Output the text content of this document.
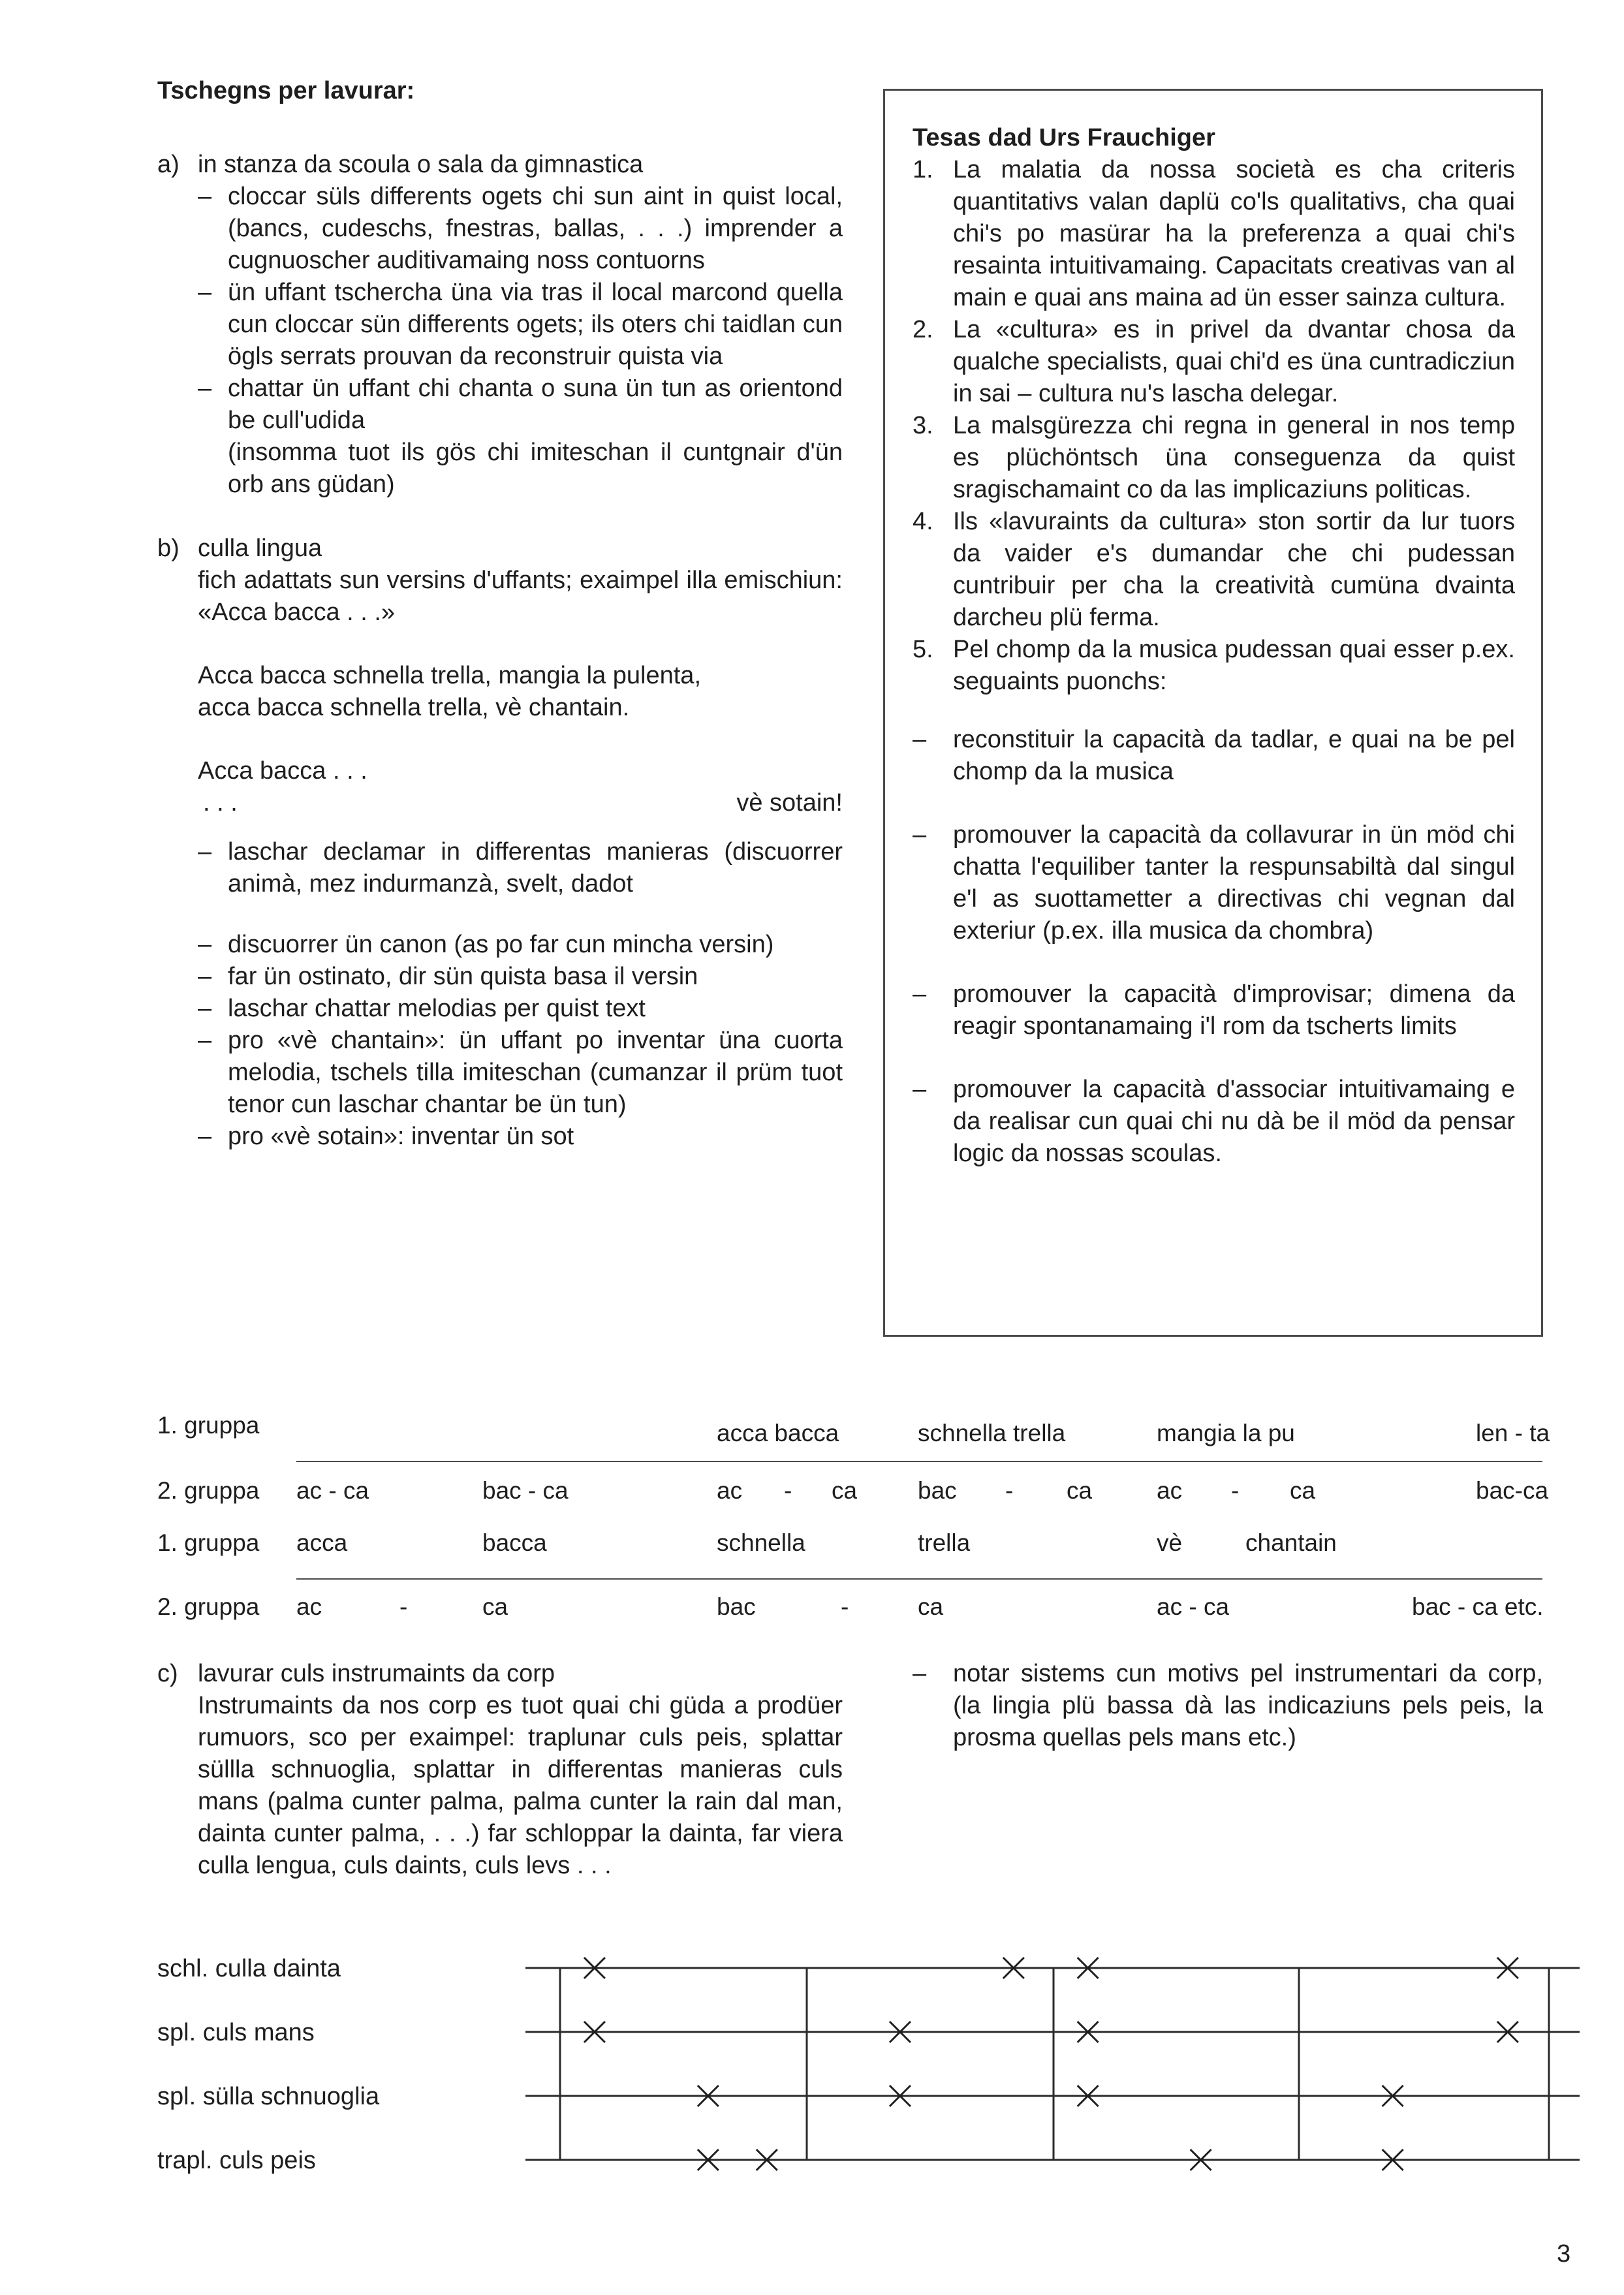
Tschegns per lavurar:
a) in stanza da scoula o sala da gimnastica
– cloccar süls differents ogets chi sun aint in quist local, (bancs, cudeschs, fnestras, ballas, . . .) imprender a cugnuoscher auditivamaing noss contuorns
– ün uffant tschercha üna via tras il local marcond quella cun cloccar sün differents ogets; ils oters chi taidlan cun ögls serrats prouvan da reconstruir quista via
– chattar ün uffant chi chanta o suna ün tun as orientond be cull'udida
(insomma tuot ils gös chi imiteschan il cuntgnair d'ün orb ans güdan)
b) culla lingua
fich adattats sun versins d'uffants; exaimpel illa emischiun: «Acca bacca . . .»
Acca bacca schnella trella, mangia la pulenta,
acca bacca schnella trella, vè chantain.
Acca bacca . . .
. . .	vè sotain!
– laschar declamar in differentas manieras (discuorrer animà, mez indurmanzà, svelt, dadot
– discuorrer ün canon (as po far cun mincha versin)
– far ün ostinato, dir sün quista basa il versin
– laschar chattar melodias per quist text
– pro «vè chantain»: ün uffant po inventar üna cuorta melodia, tschels tilla imiteschan (cumanzar il prüm tuot tenor cun laschar chantar be ün tun)
– pro «vè sotain»: inventar ün sot
Tesas dad Urs Frauchiger
1. La malatia da nossa società es cha criteris quantitativs valan daplü co'ls qualitativs, cha quai chi's po masürar ha la preferenza a quai chi's resainta intuitivamaing. Capacitats creativas van al main e quai ans maina ad ün esser sainza cultura.
2. La «cultura» es in privel da dvantar chosa da qualche specialists, quai chi'd es üna cuntradicziun in sai – cultura nu's lascha delegar.
3. La malsgürezza chi regna in general in nos temp es plüchöntsch üna conseguenza da quist sragischamaint co da las implicaziuns politicas.
4. Ils «lavuraints da cultura» ston sortir da lur tuors da vaider e's dumandar che chi pudessan cuntribuir per cha la creatività cumüna dvainta darcheu plü ferma.
5. Pel chomp da la musica pudessan quai esser p.ex. seguaints puonchs:
– reconstituir la capacità da tadlar, e quai na be pel chomp da la musica
– promouver la capacità da collavurar in ün möd chi chatta l'equiliber tanter la respunsabiltà dal singul e'l as suottametter a directivas chi vegnan dal exteriur (p.ex. illa musica da chombra)
– promouver la capacità d'improvisar; dimena da reagir spontanamaing i'l rom da tscherts limits
– promouver la capacità d'associar intuitivamaing e da realisar cun quai chi nu dà be il möd da pensar logic da nossas scoulas.
1. gruppa	acca bacca	schnella trella	mangia la pu	len - ta
2. gruppa ac - ca	bac - ca	ac - ca	bac - ca	ac - ca	bac-ca
1. gruppa acca	bacca	schnella	trella	vè	chantain
2. gruppa ac	-	ca	bac	-	ca	ac - ca	bac - ca etc.
c) lavurar culs instrumaints da corp
Instrumaints da nos corp es tuot quai chi güda a prodüer rumuors, sco per exaimpel: traplunar culs peis, splattar süllla schnuoglia, splattar in differentas manieras culs mans (palma cunter palma, palma cunter la rain dal man, dainta cunter palma, . . .) far schloppar la dainta, far viera culla lengua, culs daints, culs levs . . .
– notar sistems cun motivs pel instrumentari da corp, (la lingia plü bassa dà las indicaziuns pels peis, la prosma quellas pels mans etc.)
schl. culla dainta
spl. culs mans
spl. sülla schnuoglia
trapl. culs peis
3
